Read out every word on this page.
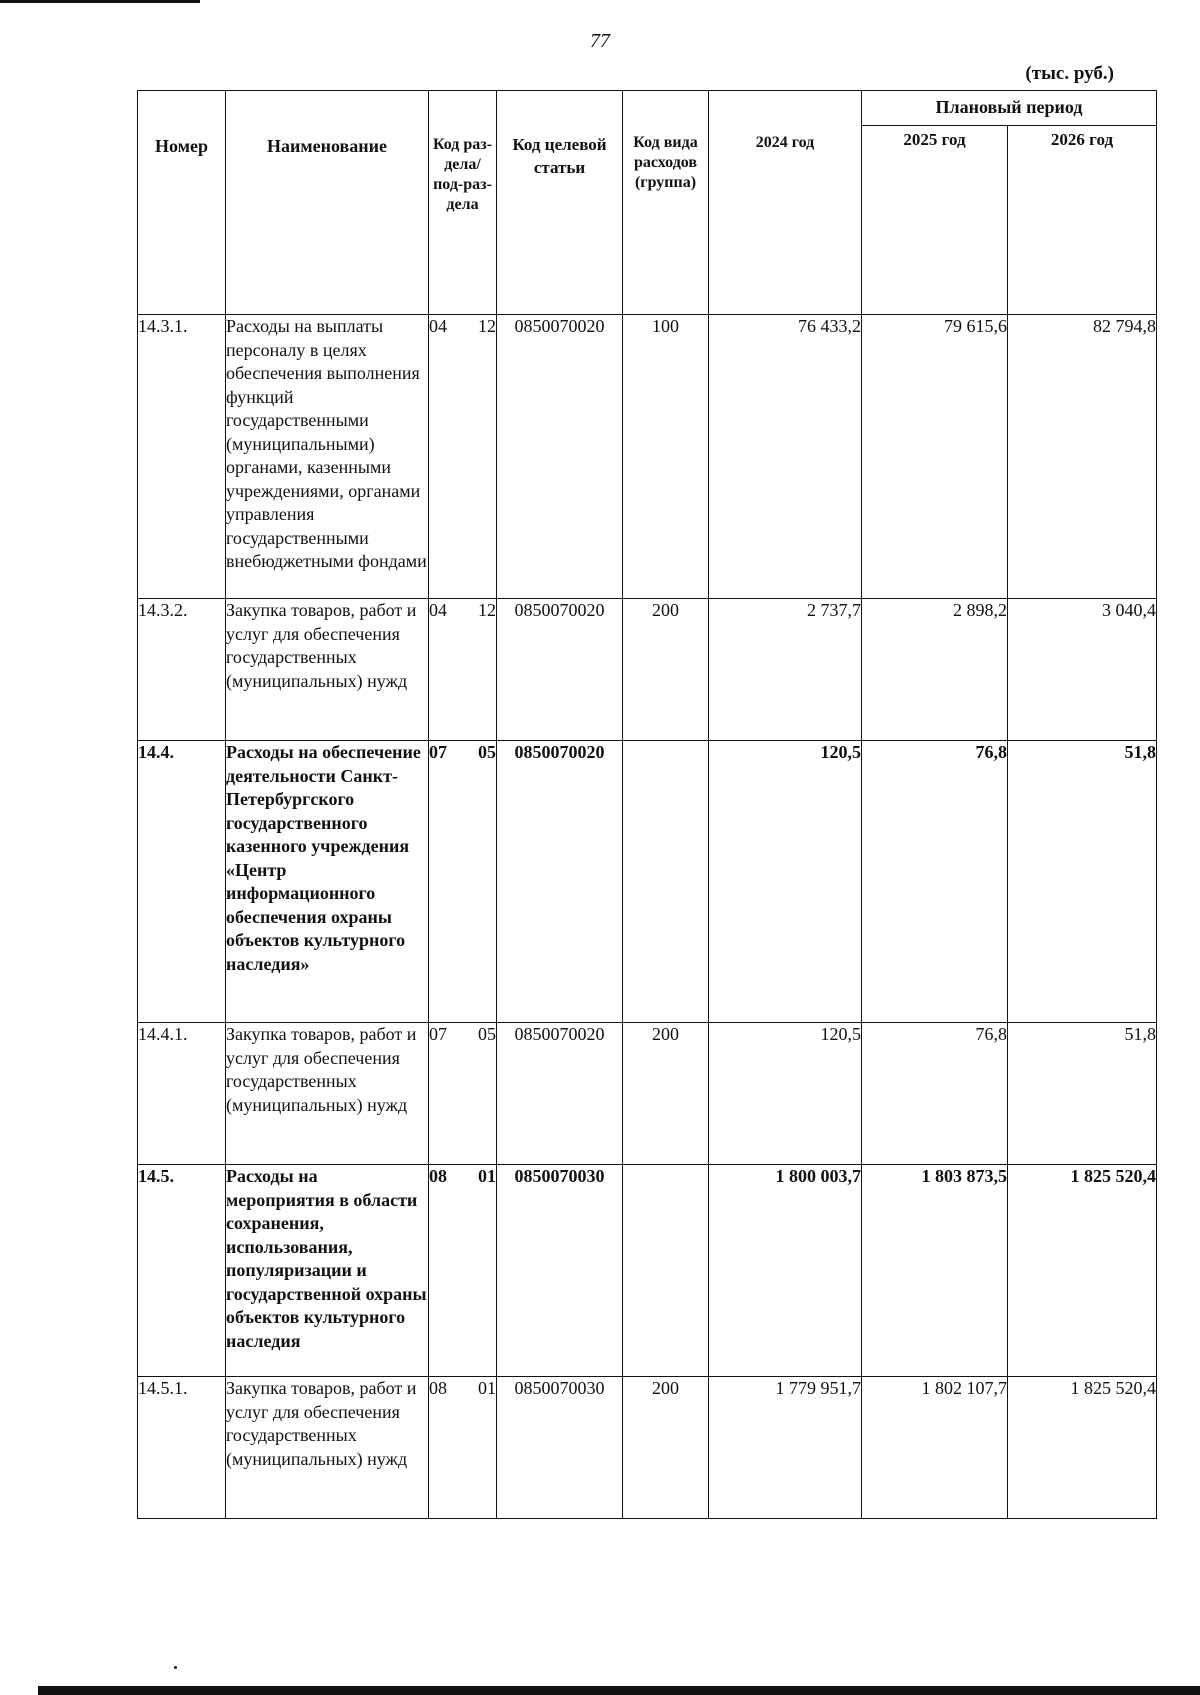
77
(тыс. руб.)
Номер	Наименование	Код раз-дела/ под-раз-дела	Код целевой статьи	Код вида расходов (группа)	2024 год	Плановый период	
						2025 год	2026 год
14.3.1.	Расходы на выплаты персоналу в целях обеспечения выполнения функций государственными (муниципальными) органами, казенными учреждениями, органами управления государственными внебюджетными фондами	04 12	0850070020	100	76 433,2	79 615,6	82 794,8
14.3.2.	Закупка товаров, работ и услуг для обеспечения государственных (муниципальных) нужд	04 12	0850070020	200	2 737,7	2 898,2	3 040,4
14.4.	Расходы на обеспечение деятельности Санкт-Петербургского государственного казенного учреждения «Центр информационного обеспечения охраны объектов культурного наследия»	07 05	0850070020		120,5	76,8	51,8
14.4.1.	Закупка товаров, работ и услуг для обеспечения государственных (муниципальных) нужд	07 05	0850070020	200	120,5	76,8	51,8
14.5.	Расходы на мероприятия в области сохранения, использования, популяризации и государственной охраны объектов культурного наследия	08 01	0850070030		1 800 003,7	1 803 873,5	1 825 520,4
14.5.1.	Закупка товаров, работ и услуг для обеспечения государственных (муниципальных) нужд	08 01	0850070030	200	1 779 951,7	1 802 107,7	1 825 520,4
